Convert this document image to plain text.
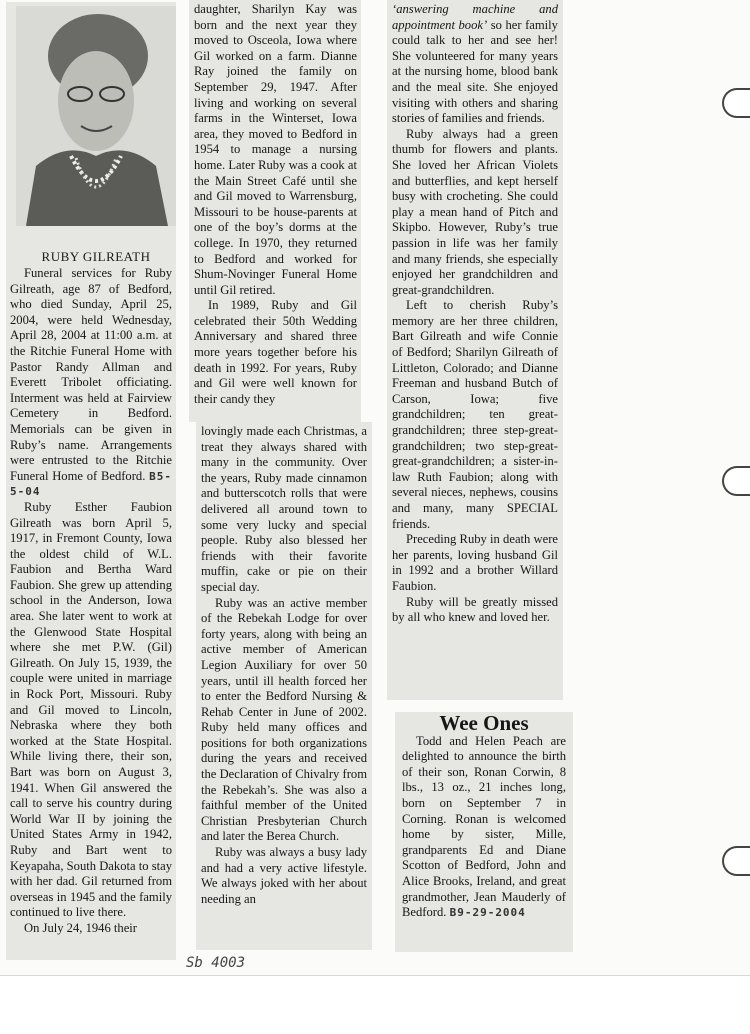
RUBY GILREATH

Funeral services for Ruby Gilreath, age 87 of Bedford, who died Sunday, April 25, 2004, were held Wednesday, April 28, 2004 at 11:00 a.m. at the Ritchie Funeral Home with Pastor Randy Allman and Everett Tribolet officiating. Interment was held at Fairview Cemetery in Bedford. Memorials can be given in Ruby’s name. Arrangements were entrusted to the Ritchie Funeral Home of Bedford. B5-5-04

Ruby Esther Faubion Gilreath was born April 5, 1917, in Fremont County, Iowa the oldest child of W.L. Faubion and Bertha Ward Faubion. She grew up attending school in the Anderson, Iowa area. She later went to work at the Glenwood State Hospital where she met P.W. (Gil) Gilreath. On July 15, 1939, the couple were united in marriage in Rock Port, Missouri. Ruby and Gil moved to Lincoln, Nebraska where they both worked at the State Hospital. While living there, their son, Bart was born on August 3, 1941. When Gil answered the call to serve his country during World War II by joining the United States Army in 1942, Ruby and Bart went to Keyapaha, South Dakota to stay with her dad. Gil returned from overseas in 1945 and the family continued to live there.

On July 24, 1946 their

daughter, Sharilyn Kay was born and the next year they moved to Osceola, Iowa where Gil worked on a farm. Dianne Ray joined the family on September 29, 1947. After living and working on several farms in the Winterset, Iowa area, they moved to Bedford in 1954 to manage a nursing home. Later Ruby was a cook at the Main Street Café until she and Gil moved to Warrensburg, Missouri to be house-parents at one of the boy’s dorms at the college. In 1970, they returned to Bedford and worked for Shum-Novinger Funeral Home until Gil retired.

In 1989, Ruby and Gil celebrated their 50th Wedding Anniversary and shared three more years together before his death in 1992. For years, Ruby and Gil were well known for their candy they

lovingly made each Christmas, a treat they always shared with many in the community. Over the years, Ruby made cinnamon and butterscotch rolls that were delivered all around town to some very lucky and special people. Ruby also blessed her friends with their favorite muffin, cake or pie on their special day.

Ruby was an active member of the Rebekah Lodge for over forty years, along with being an active member of American Legion Auxiliary for over 50 years, until ill health forced her to enter the Bedford Nursing & Rehab Center in June of 2002. Ruby held many offices and positions for both organizations during the years and received the Declaration of Chivalry from the Rebekah’s. She was also a faithful member of the United Christian Presbyterian Church and later the Berea Church.

Ruby was always a busy lady and had a very active lifestyle. We always joked with her about needing an

‘answering machine and appointment book’ so her family could talk to her and see her! She volunteered for many years at the nursing home, blood bank and the meal site. She enjoyed visiting with others and sharing stories of families and friends.

Ruby always had a green thumb for flowers and plants. She loved her African Violets and butterflies, and kept herself busy with crocheting. She could play a mean hand of Pitch and Skipbo. However, Ruby’s true passion in life was her family and many friends, she especially enjoyed her grandchildren and great-grandchildren.

Left to cherish Ruby’s memory are her three children, Bart Gilreath and wife Connie of Bedford; Sharilyn Gilreath of Littleton, Colorado; and Dianne Freeman and husband Butch of Carson, Iowa; five grandchildren; ten great-grandchildren; three step-great-grandchildren; two step-great-great-grandchildren; a sister-in-law Ruth Faubion; along with several nieces, nephews, cousins and many, many SPECIAL friends.

Preceding Ruby in death were her parents, loving husband Gil in 1992 and a brother Willard Faubion.

Ruby will be greatly missed by all who knew and loved her.

Wee Ones

Todd and Helen Peach are delighted to announce the birth of their son, Ronan Corwin, 8 lbs., 13 oz., 21 inches long, born on September 7 in Corning. Ronan is welcomed home by sister, Mille, grandparents Ed and Diane Scotton of Bedford, John and Alice Brooks, Ireland, and great grandmother, Jean Mauderly of Bedford. B9-29-2004

Sb 4003
